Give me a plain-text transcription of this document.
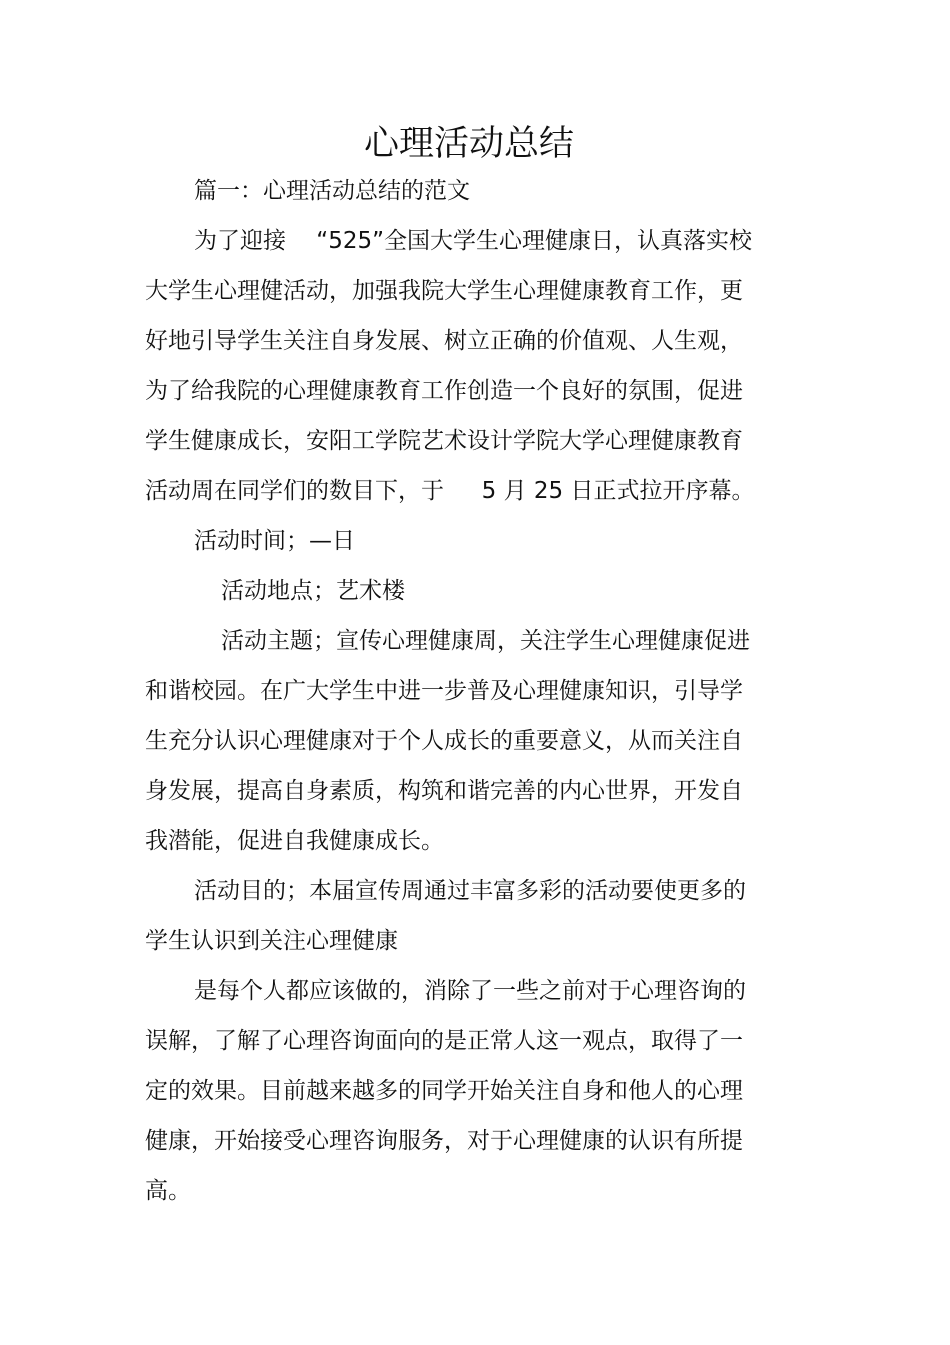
心理活动总结
篇一：心理活动总结的范文
为了迎接 　“525”全国大学生心理健康日，认真落实校
大学生心理健活动，加强我院大学生心理健康教育工作，更
好地引导学生关注自身发展、树立正确的价值观、人生观，
为了给我院的心理健康教育工作创造一个良好的氛围，促进
学生健康成长，安阳工学院艺术设计学院大学心理健康教育
活动周在同学们的数目下，于 　 5 月 25 日正式拉开序幕。
活动时间；—日
活动地点；艺术楼
活动主题；宣传心理健康周，关注学生心理健康促进
和谐校园。在广大学生中进一步普及心理健康知识，引导学
生充分认识心理健康对于个人成长的重要意义，从而关注自
身发展，提高自身素质，构筑和谐完善的内心世界，开发自
我潜能，促进自我健康成长。
活动目的；本届宣传周通过丰富多彩的活动要使更多的
学生认识到关注心理健康
是每个人都应该做的，消除了一些之前对于心理咨询的
误解，了解了心理咨询面向的是正常人这一观点，取得了一
定的效果。目前越来越多的同学开始关注自身和他人的心理
健康，开始接受心理咨询服务，对于心理健康的认识有所提
高。
